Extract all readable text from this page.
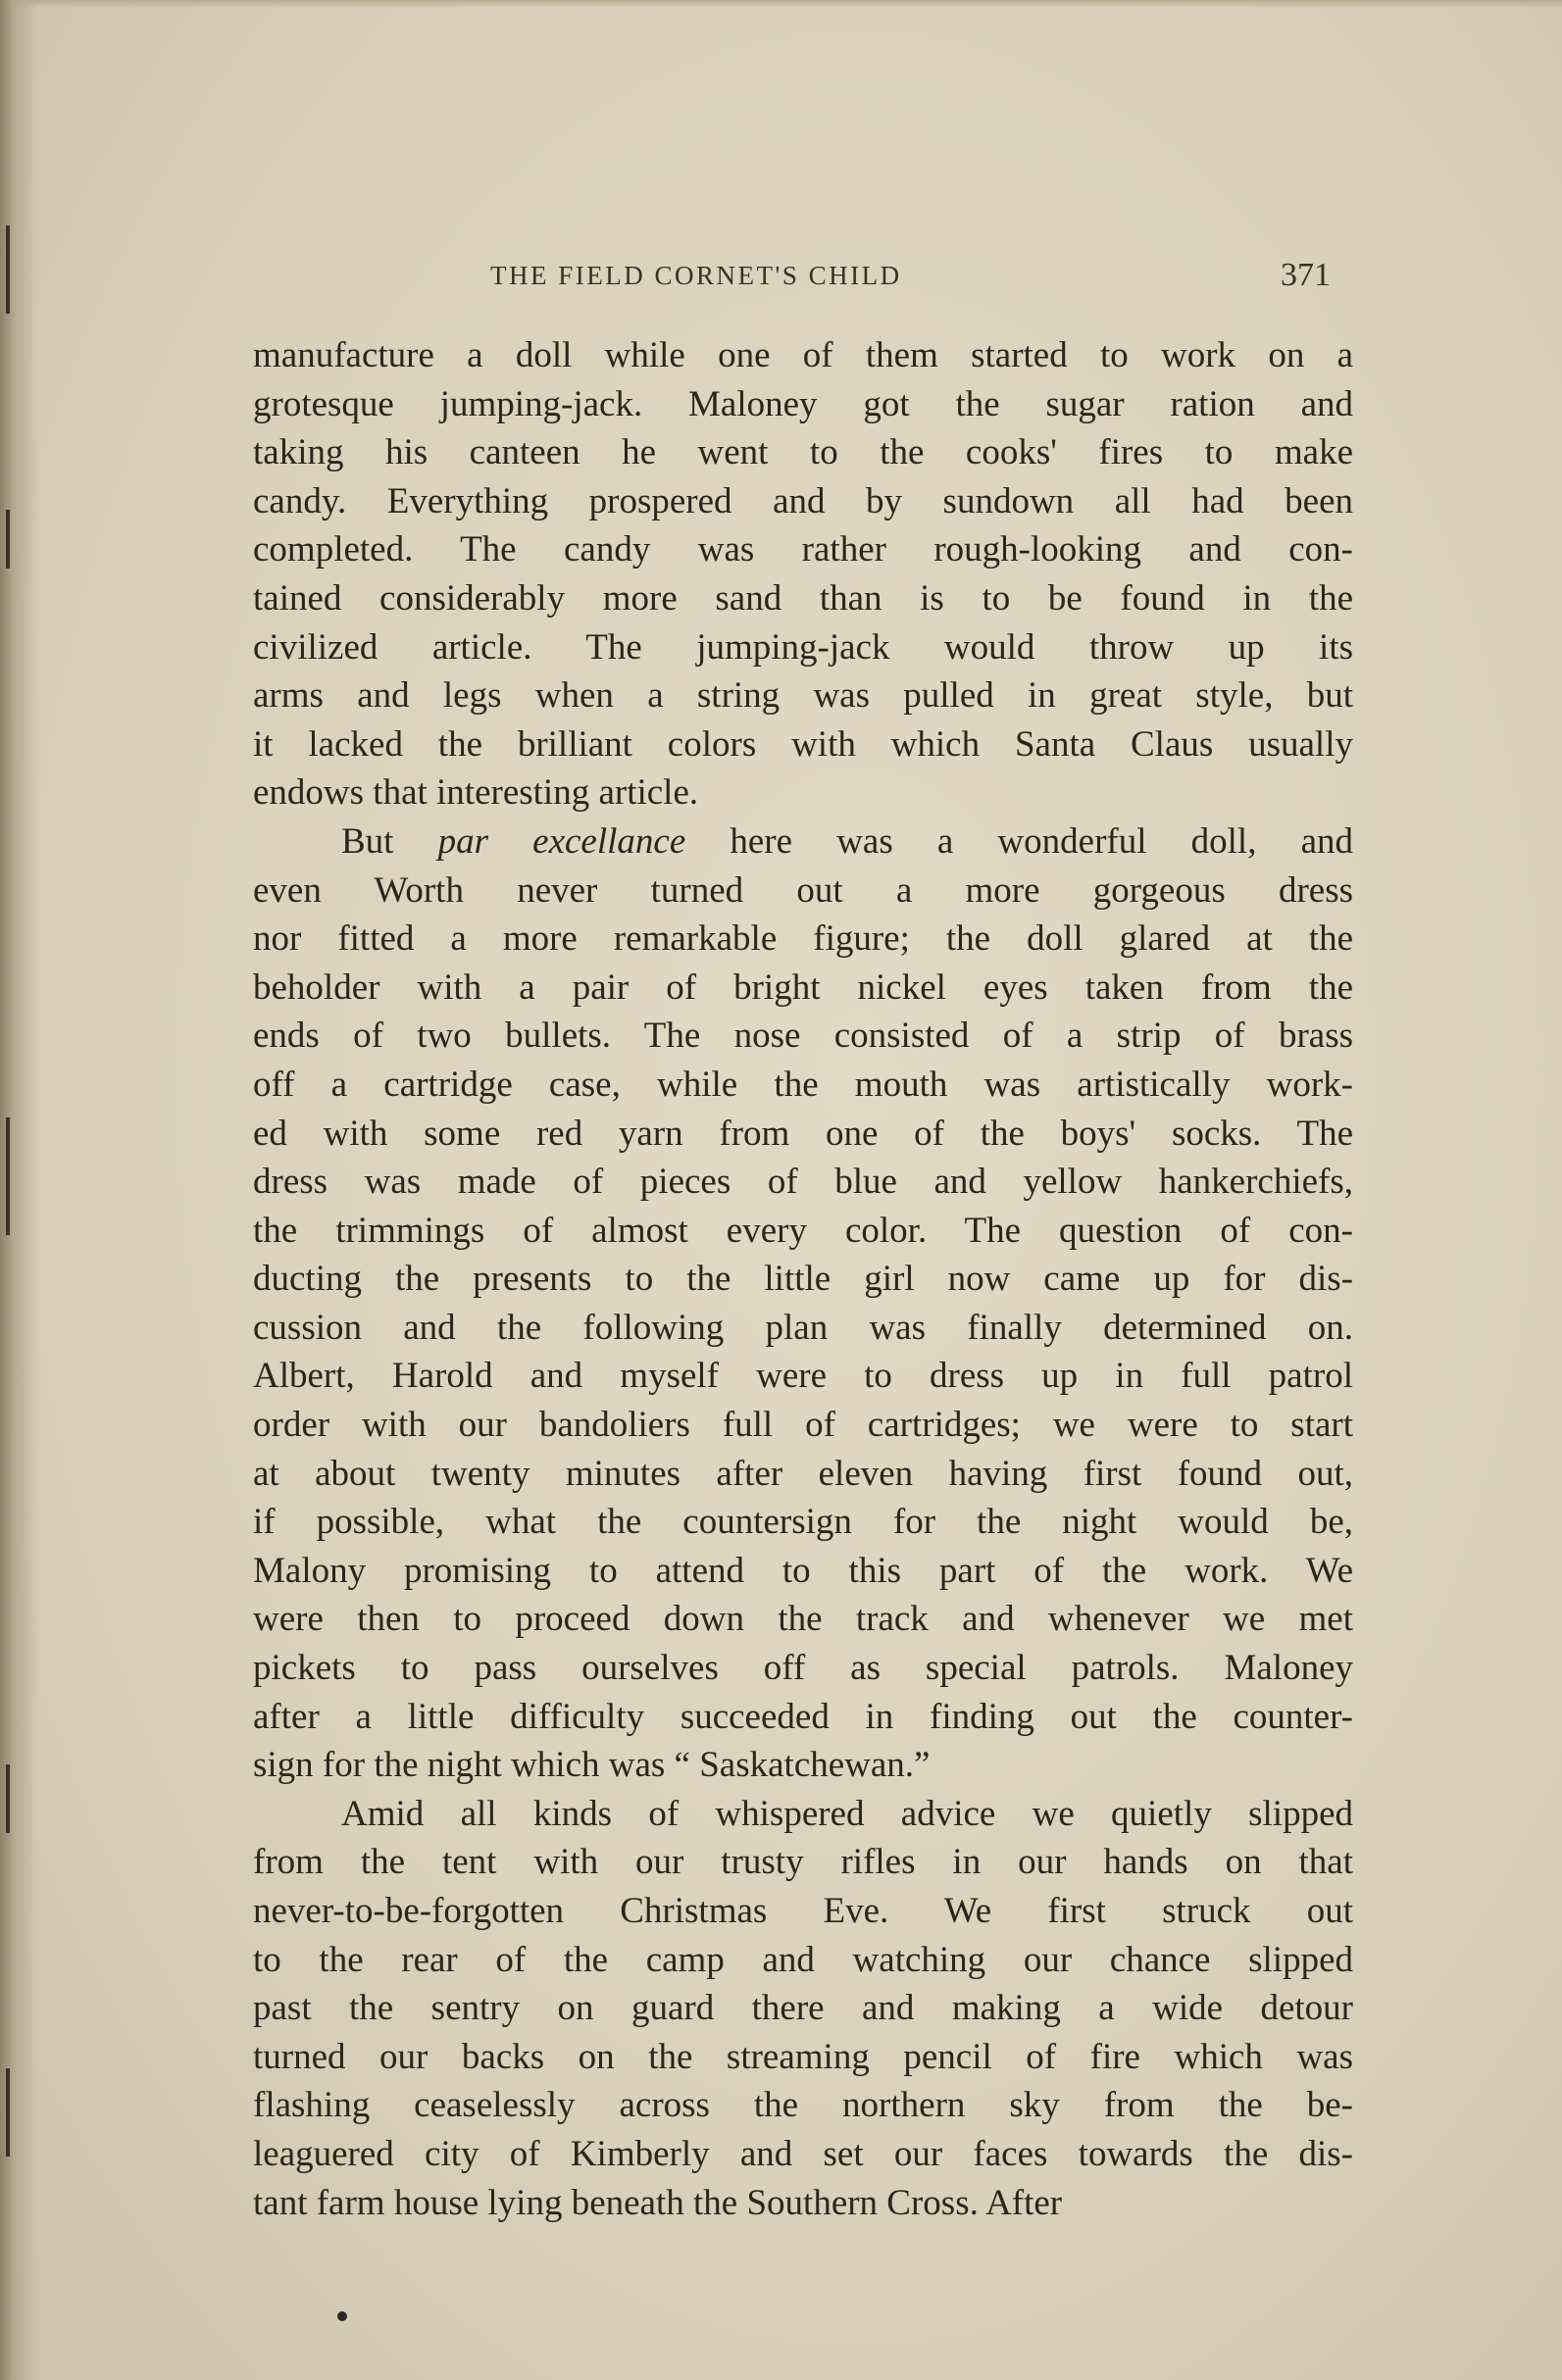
THE FIELD CORNET'S CHILD	371
manufacture a doll while one of them started to work on a
grotesque jumping-jack. Maloney got the sugar ration and
taking his canteen he went to the cooks' fires to make
candy. Everything prospered and by sundown all had been
completed. The candy was rather rough-looking and con-
tained considerably more sand than is to be found in the
civilized article. The jumping-jack would throw up its
arms and legs when a string was pulled in great style, but
it lacked the brilliant colors with which Santa Claus usually
endows that interesting article.
But par excellance here was a wonderful doll, and
even Worth never turned out a more gorgeous dress
nor fitted a more remarkable figure; the doll glared at the
beholder with a pair of bright nickel eyes taken from the
ends of two bullets. The nose consisted of a strip of brass
off a cartridge case, while the mouth was artistically work-
ed with some red yarn from one of the boys' socks. The
dress was made of pieces of blue and yellow hankerchiefs,
the trimmings of almost every color. The question of con-
ducting the presents to the little girl now came up for dis-
cussion and the following plan was finally determined on.
Albert, Harold and myself were to dress up in full patrol
order with our bandoliers full of cartridges; we were to start
at about twenty minutes after eleven having first found out,
if possible, what the countersign for the night would be,
Malony promising to attend to this part of the work. We
were then to proceed down the track and whenever we met
pickets to pass ourselves off as special patrols. Maloney
after a little difficulty succeeded in finding out the counter-
sign for the night which was “ Saskatchewan.”
Amid all kinds of whispered advice we quietly slipped
from the tent with our trusty rifles in our hands on that
never-to-be-forgotten Christmas Eve. We first struck out
to the rear of the camp and watching our chance slipped
past the sentry on guard there and making a wide detour
turned our backs on the streaming pencil of fire which was
flashing ceaselessly across the northern sky from the be-
leaguered city of Kimberly and set our faces towards the dis-
tant farm house lying beneath the Southern Cross. After
